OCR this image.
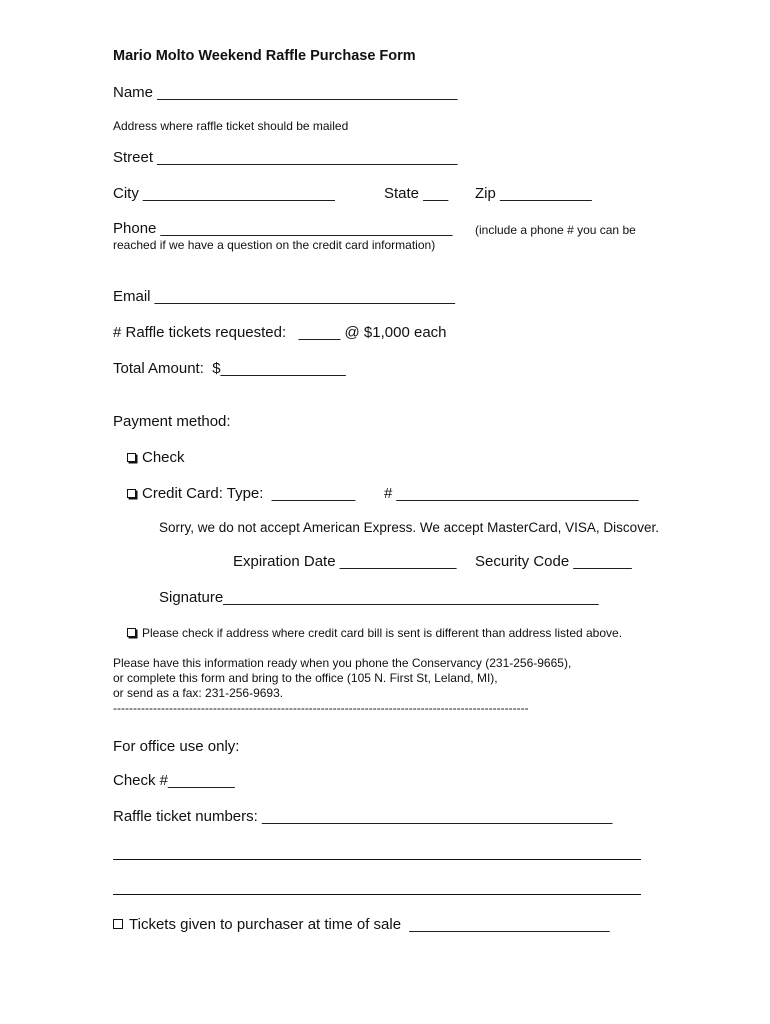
Mario Molto Weekend Raffle Purchase Form
Name ____________________________________
Address where raffle ticket should be mailed
Street ____________________________________
City _______________________	State ___ Zip ___________
Phone ___________________________________ (include a phone # you can be
reached if we have a question on the credit card information)
Email ____________________________________
# Raffle tickets requested:   _____ @ $1,000 each
Total Amount:  $_______________
Payment method:
Check
Credit Card: Type:  __________ # _____________________________
Sorry, we do not accept American Express. We accept MasterCard, VISA, Discover.
Expiration Date ______________ Security Code _______
Signature_____________________________________________
Please check if address where credit card bill is sent is different than address listed above.
Please have this information ready when you phone the Conservancy (231-256-9665),
or complete this form and bring to the office (105 N. First St, Leland, MI),
or send as a fax: 231-256-9693.
--------------------------------------------------------------------------------------------------------
For office use only:
Check #________
Raffle ticket numbers: __________________________________________
Tickets given to purchaser at time of sale  ________________________
